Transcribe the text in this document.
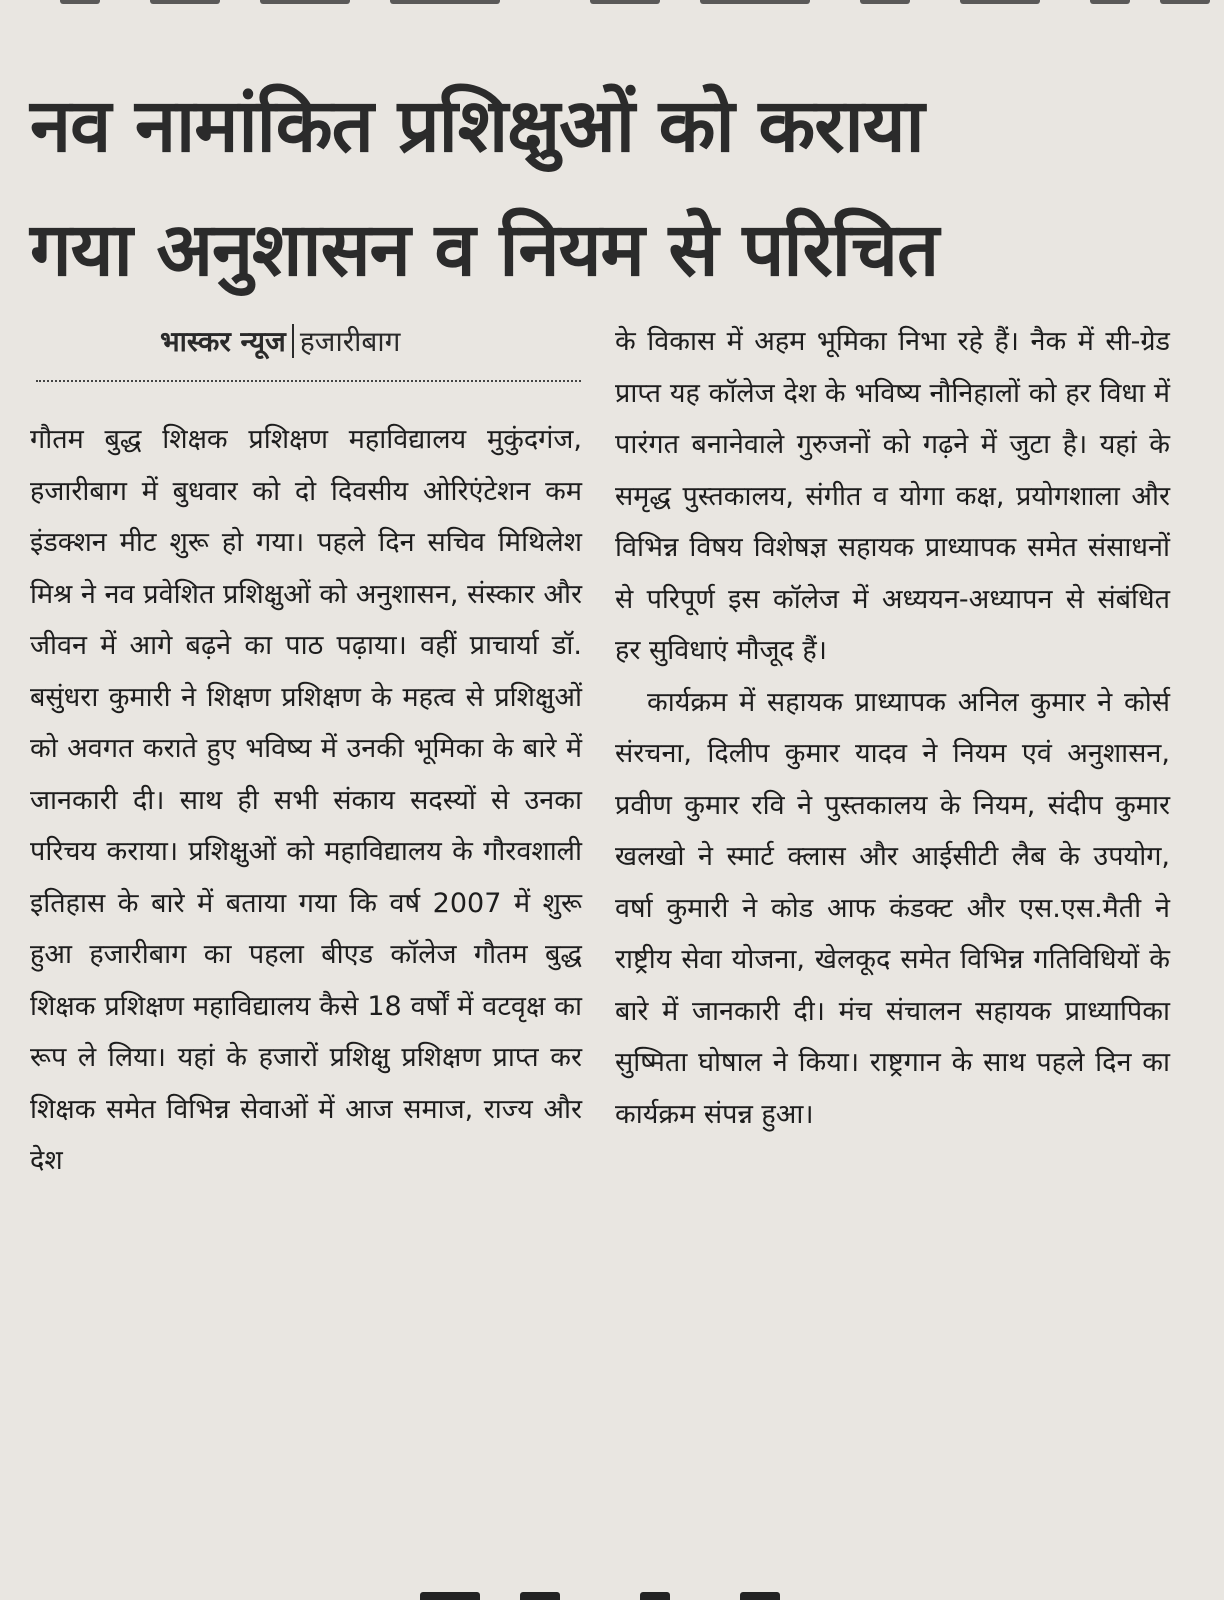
नव नामांकित प्रशिक्षुओं को कराया
गया अनुशासन व नियम से परिचित
भास्कर न्यूज हजारीबाग

गौतम बुद्ध शिक्षक प्रशिक्षण महाविद्यालय मुकुंदगंज, हजारीबाग में बुधवार को दो दिवसीय ओरिएंटेशन कम इंडक्शन मीट शुरू हो गया। पहले दिन सचिव मिथिलेश मिश्र ने नव प्रवेशित प्रशिक्षुओं को अनुशासन, संस्कार और जीवन में आगे बढ़ने का पाठ पढ़ाया। वहीं प्राचार्या डॉ. बसुंधरा कुमारी ने शिक्षण प्रशिक्षण के महत्व से प्रशिक्षुओं को अवगत कराते हुए भविष्य में उनकी भूमिका के बारे में जानकारी दी। साथ ही सभी संकाय सदस्यों से उनका परिचय कराया। प्रशिक्षुओं को महाविद्यालय के गौरवशाली इतिहास के बारे में बताया गया कि वर्ष 2007 में शुरू हुआ हजारीबाग का पहला बीएड कॉलेज गौतम बुद्ध शिक्षक प्रशिक्षण महाविद्यालय कैसे 18 वर्षों में वटवृक्ष का रूप ले लिया। यहां के हजारों प्रशिक्षु प्रशिक्षण प्राप्त कर शिक्षक समेत विभिन्न सेवाओं में आज समाज, राज्य और देश

के विकास में अहम भूमिका निभा रहे हैं। नैक में सी-ग्रेड प्राप्त यह कॉलेज देश के भविष्य नौनिहालों को हर विधा में पारंगत बनानेवाले गुरुजनों को गढ़ने में जुटा है। यहां के समृद्ध पुस्तकालय, संगीत व योगा कक्ष, प्रयोगशाला और विभिन्न विषय विशेषज्ञ सहायक प्राध्यापक समेत संसाधनों से परिपूर्ण इस कॉलेज में अध्ययन-अध्यापन से संबंधित हर सुविधाएं मौजूद हैं।

कार्यक्रम में सहायक प्राध्यापक अनिल कुमार ने कोर्स संरचना, दिलीप कुमार यादव ने नियम एवं अनुशासन, प्रवीण कुमार रवि ने पुस्तकालय के नियम, संदीप कुमार खलखो ने स्मार्ट क्लास और आईसीटी लैब के उपयोग, वर्षा कुमारी ने कोड आफ कंडक्ट और एस.एस.मैती ने राष्ट्रीय सेवा योजना, खेलकूद समेत विभिन्न गतिविधियों के बारे में जानकारी दी। मंच संचालन सहायक प्राध्यापिका सुष्मिता घोषाल ने किया। राष्ट्रगान के साथ पहले दिन का कार्यक्रम संपन्न हुआ।
